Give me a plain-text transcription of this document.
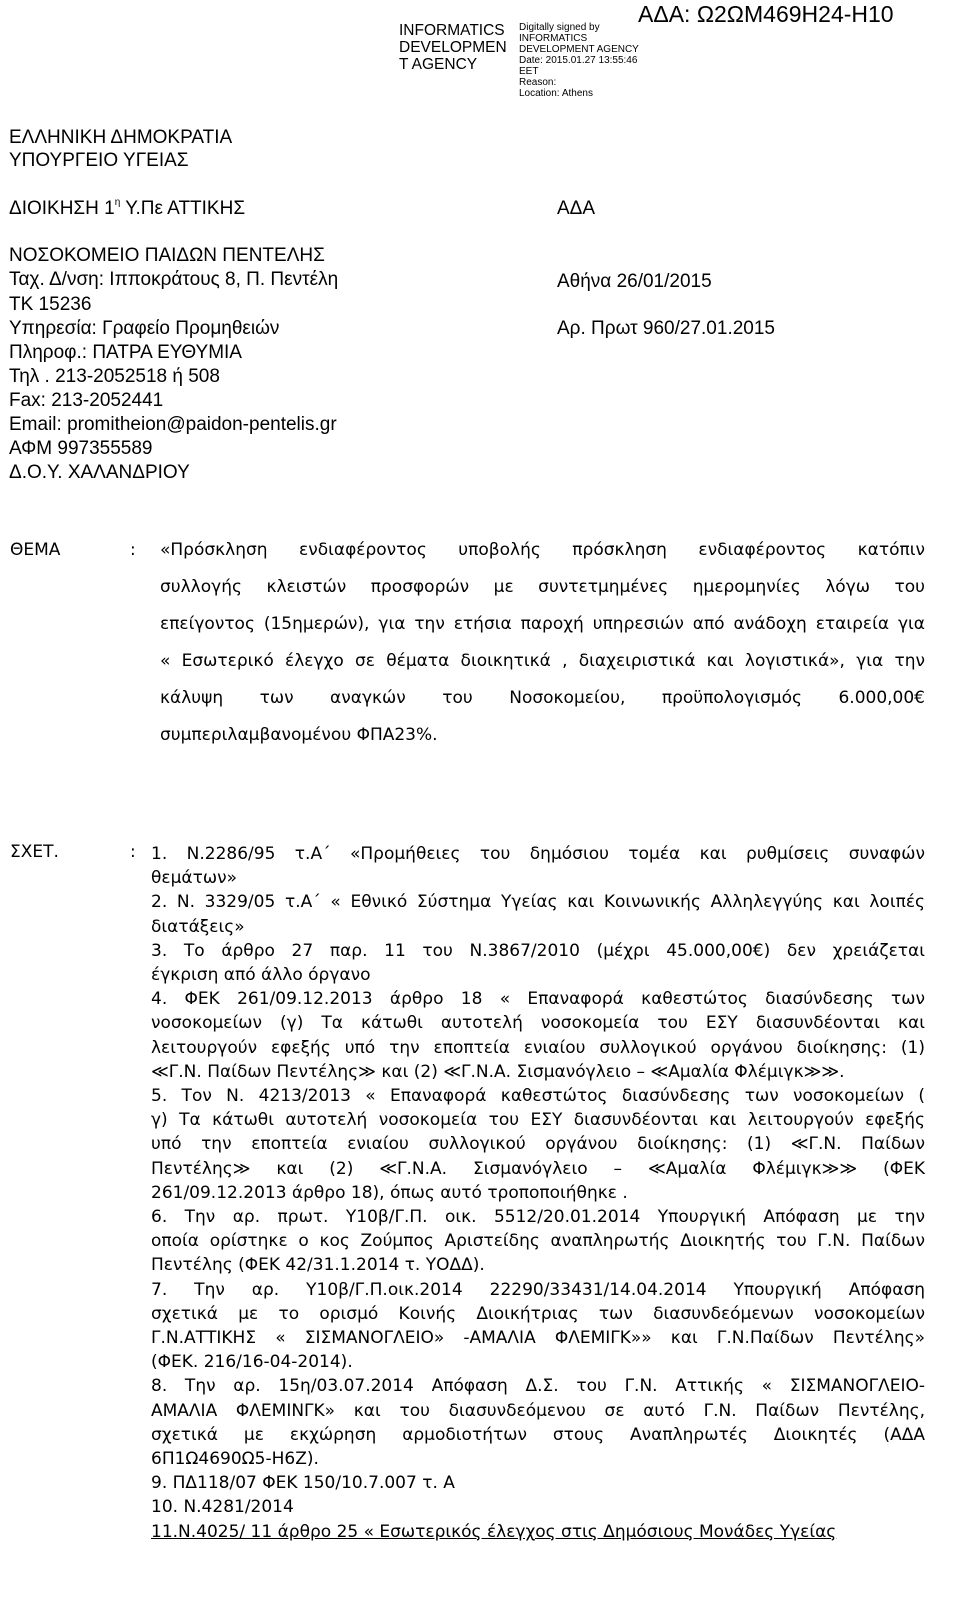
INFORMATICS
DEVELOPMEN
T AGENCY
Digitally signed by
INFORMATICS
DEVELOPMENT AGENCY
Date: 2015.01.27 13:55:46
EET
Reason:
Location: Athens
ΑΔΑ: Ω2ΩΜ469Η24-Η10
ΕΛΛΗΝΙΚΗ ΔΗΜΟΚΡΑΤΙΑ
ΥΠΟΥΡΓΕΙΟ ΥΓΕΙΑΣ
ΔΙΟΙΚΗΣΗ $1^\eta$ Υ.Πε ΑΤΤΙΚΗΣ	ΑΔΑ
ΝΟΣΟΚΟΜΕΙΟ ΠΑΙΔΩΝ ΠΕΝΤΕΛΗΣ
Ταχ. Δ/νση: Ιπποκράτους 8, Π. Πεντέλη	Αθήνα 26/01/2015
ΤΚ 15236
Υπηρεσία: Γραφείο Προμηθειών	Αρ. Πρωτ 960/27.01.2015
Πληροφ.: ΠΑΤΡΑ ΕΥΘΥΜΙΑ
Τηλ . 213-2052518 ή 508
Fax: 213-2052441
Email: promitheion@paidon-pentelis.gr
ΑΦΜ 997355589
Δ.Ο.Υ. ΧΑΛΑΝΔΡΙΟΥ
ΘΕΜΑ	: «Πρόσκληση ενδιαφέροντος υποβολής πρόσκληση ενδιαφέροντος κατόπιν
συλλογής κλειστών προσφορών με συντετμημένες ημερομηνίες λόγω του
επείγοντος (15ημερών), για την ετήσια παροχή υπηρεσιών από ανάδοχη εταιρεία για
« Εσωτερικό έλεγχο σε θέματα διοικητικά , διαχειριστικά και λογιστικά», για την
κάλυψη των αναγκών του Νοσοκομείου, προϋπολογισμός 6.000,00€
συμπεριλαμβανομένου ΦΠΑ23%.
ΣΧΕΤ.	: 1. Ν.2286/95 τ.Α΄ «Προμήθειες του δημόσιου τομέα και ρυθμίσεις συναφών
θεμάτων»
2. Ν. 3329/05 τ.Α΄ « Εθνικό Σύστημα Υγείας και Κοινωνικής Αλληλεγγύης και λοιπές
διατάξεις»
3. Το άρθρο 27 παρ. 11 του Ν.3867/2010 (μέχρι 45.000,00€) δεν χρειάζεται
έγκριση από άλλο όργανο
4. ΦΕΚ 261/09.12.2013 άρθρο 18 « Επαναφορά καθεστώτος διασύνδεσης των
νοσοκομείων (γ) Τα κάτωθι αυτοτελή νοσοκομεία του ΕΣΥ διασυνδέονται και
λειτουργούν εφεξής υπό την εποπτεία ενιαίου συλλογικού οργάνου διοίκησης: (1)
≪Γ.Ν. Παίδων Πεντέλης≫ και (2) ≪Γ.Ν.Α. Σισμανόγλειο – ≪Αμαλία Φλέμιγκ≫≫.
5. Τον Ν. 4213/2013 « Επαναφορά καθεστώτος διασύνδεσης των νοσοκομείων (
γ) Τα κάτωθι αυτοτελή νοσοκομεία του ΕΣΥ διασυνδέονται και λειτουργούν εφεξής
υπό την εποπτεία ενιαίου συλλογικού οργάνου διοίκησης: (1) ≪Γ.Ν. Παίδων
Πεντέλης≫ και (2) ≪Γ.Ν.Α. Σισμανόγλειο – ≪Αμαλία Φλέμιγκ≫≫ (ΦΕΚ
261/09.12.2013 άρθρο 18), όπως αυτό τροποποιήθηκε .
6. Την αρ. πρωτ. Υ10β/Γ.Π. οικ. 5512/20.01.2014 Υπουργική Απόφαση με την
οποία ορίστηκε ο κος Ζούμπος Αριστείδης αναπληρωτής Διοικητής του Γ.Ν. Παίδων
Πεντέλης (ΦΕΚ 42/31.1.2014 τ. ΥΟΔΔ).
7. Την αρ. Υ10β/Γ.Π.οικ.2014 22290/33431/14.04.2014 Υπουργική Απόφαση
σχετικά με το ορισμό Κοινής Διοικήτριας των διασυνδεόμενων νοσοκομείων
Γ.Ν.ΑΤΤΙΚΗΣ « ΣΙΣΜΑΝΟΓΛΕΙΟ» -ΑΜΑΛΙΑ ΦΛΕΜΙΓΚ»» και Γ.Ν.Παίδων Πεντέλης»
(ΦΕΚ. 216/16-04-2014).
8. Την αρ. 15η/03.07.2014 Απόφαση Δ.Σ. του Γ.Ν. Αττικής « ΣΙΣΜΑΝΟΓΛΕΙΟ-
ΑΜΑΛΙΑ ΦΛΕΜΙΝΓΚ» και του διασυνδεόμενου σε αυτό Γ.Ν. Παίδων Πεντέλης,
σχετικά με εκχώρηση αρμοδιοτήτων στους Αναπληρωτές Διοικητές (ΑΔΑ
6Π1Ω4690Ω5-Η6Ζ).
9. ΠΔ118/07 ΦΕΚ 150/10.7.007 τ. Α
10. Ν.4281/2014
11.Ν.4025/ 11 άρθρο 25 « Εσωτερικός έλεγχος στις Δημόσιους Μονάδες Υγείας
